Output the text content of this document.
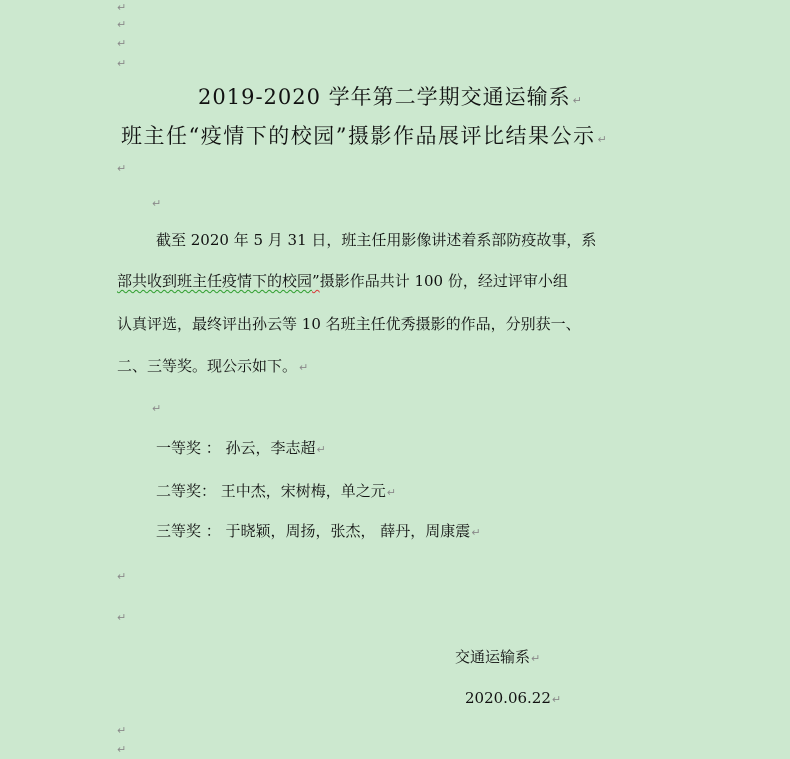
↵
↵
↵
↵
2019-2020 学年第二学期交通运输系 ↵
班主任“疫情下的校园”摄影作品展评比结果公示 ↵
↵
↵
截至 2020 年 5 月 31 日，班主任用影像讲述着系部防疫故事，系
部共收到班主任疫情下的校园”摄影作品共计 100 份，经过评审小组
认真评选，最终评出孙云等 10 名班主任优秀摄影的作品，分别获一、
二、三等奖。现公示如下。 ↵
↵
一等奖 ： 孙云，李志超↵
二等奖： 王中杰，宋树梅，单之元↵
三等奖 ： 于晓颖，周扬，张杰， 薛丹，周康震↵
↵
↵
交通运输系↵
2020.06.22↵
↵
↵
